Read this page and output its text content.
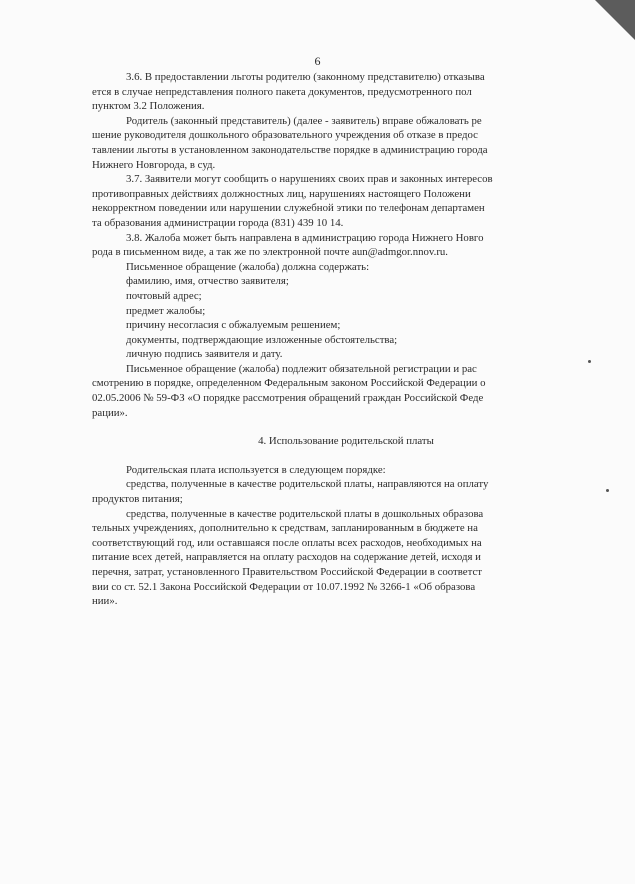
6
3.6. В предоставлении льготы родителю (законному представителю) отказыва
ется в случае непредставления полного пакета документов, предусмотренного пол
пунктом 3.2 Положения.
Родитель (законный представитель) (далее - заявитель) вправе обжаловать ре
шение руководителя дошкольного образовательного учреждения об отказе в предос
тавлении льготы в установленном законодательстве порядке в администрацию города
Нижнего Новгорода, в суд.
3.7. Заявители могут сообщить о нарушениях своих прав и законных интересов
противоправных действиях должностных лиц, нарушениях настоящего Положени
некорректном поведении или нарушении служебной этики по телефонам департамен
та образования администрации города (831) 439 10 14.
3.8. Жалоба может быть направлена в администрацию города Нижнего Новго
рода в письменном виде, а так же по электронной почте aun@admgor.nnov.ru.
Письменное обращение (жалоба) должна содержать:
фамилию, имя, отчество заявителя;
почтовый адрес;
предмет жалобы;
причину несогласия с обжалуемым решением;
документы, подтверждающие изложенные обстоятельства;
личную подпись заявителя и дату.
Письменное обращение (жалоба) подлежит обязательной регистрации и рас
смотрению в порядке, определенном Федеральным законом Российской Федерации о
02.05.2006 № 59-ФЗ «О порядке рассмотрения обращений граждан Российской Феде
рации».
4. Использование родительской платы
Родительская плата используется в следующем порядке:
средства, полученные в качестве родительской платы, направляются на оплату
продуктов питания;
средства, полученные в качестве родительской платы в дошкольных образова
тельных учреждениях, дополнительно к средствам, запланированным в бюджете на
соответствующий год, или оставшаяся после оплаты всех расходов, необходимых на
питание всех детей, направляется на оплату расходов на содержание детей, исходя и
перечня, затрат, установленного Правительством Российской Федерации в соответст
вии со ст. 52.1 Закона Российской Федерации от 10.07.1992 № 3266-1 «Об образова
нии».
